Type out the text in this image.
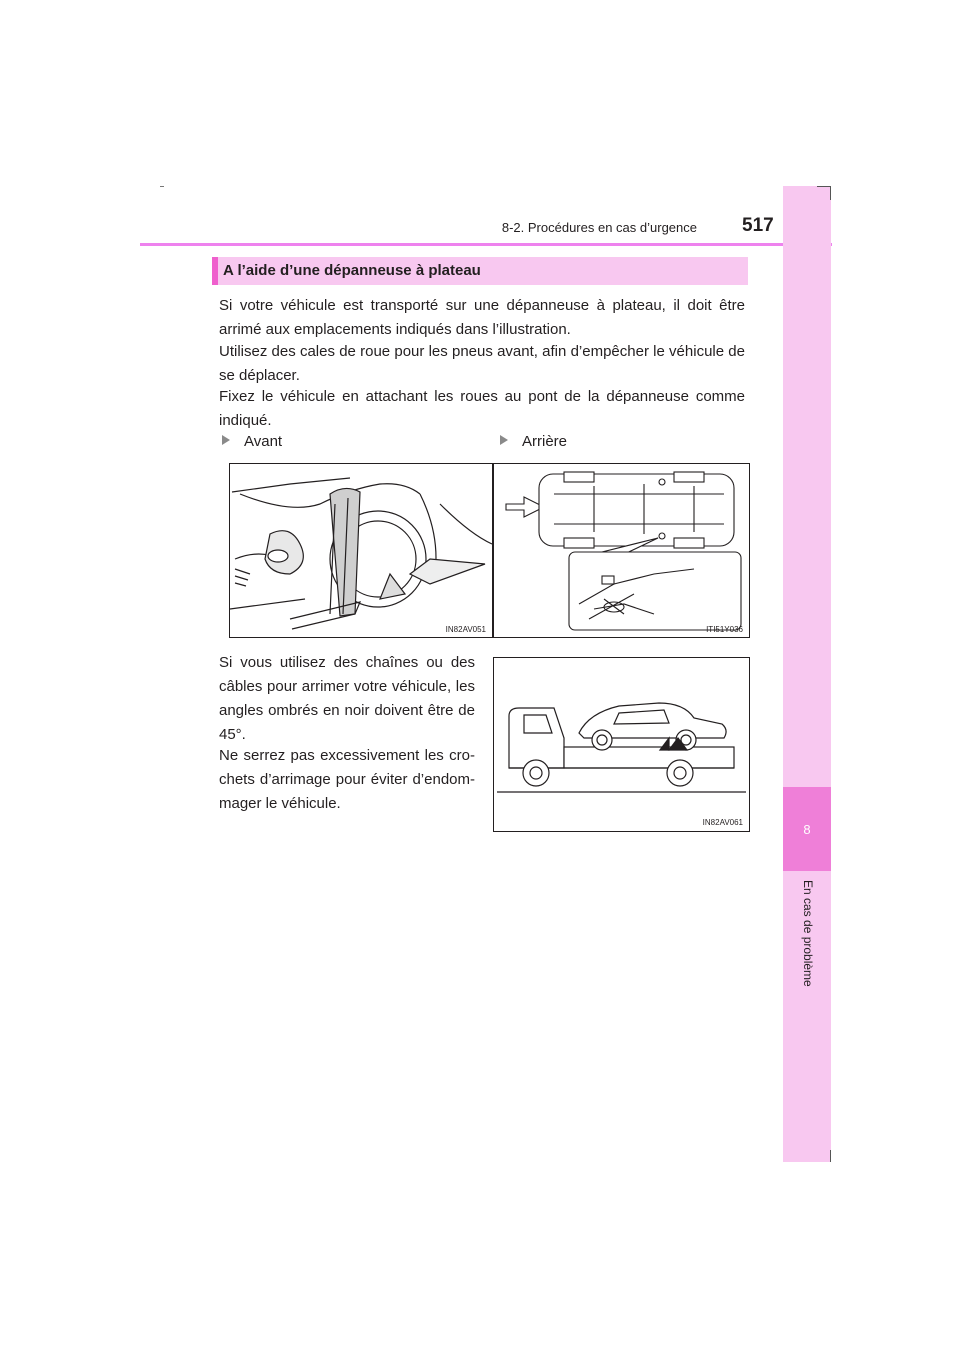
8-2. Procédures en cas d’urgence 517
8
En cas de problème
A l’aide d’une dépanneuse à plateau
Si votre véhicule est transporté sur une dépanneuse à plateau, il doit être arrimé aux emplacements indiqués dans l’illustration.
Utilisez des cales de roue pour les pneus avant, afin d’empêcher le véhicule de se déplacer.
Fixez le véhicule en attachant les roues au pont de la dépanneuse comme indiqué.
Avant	Arrière
IN82AV051	ITI51Y036
Si vous utilisez des chaînes ou des câbles pour arrimer votre véhicule, les angles ombrés en noir doivent être de 45°.
Ne serrez pas excessivement les cro-chets d’arrimage pour éviter d’endom-mager le véhicule.
IN82AV061
